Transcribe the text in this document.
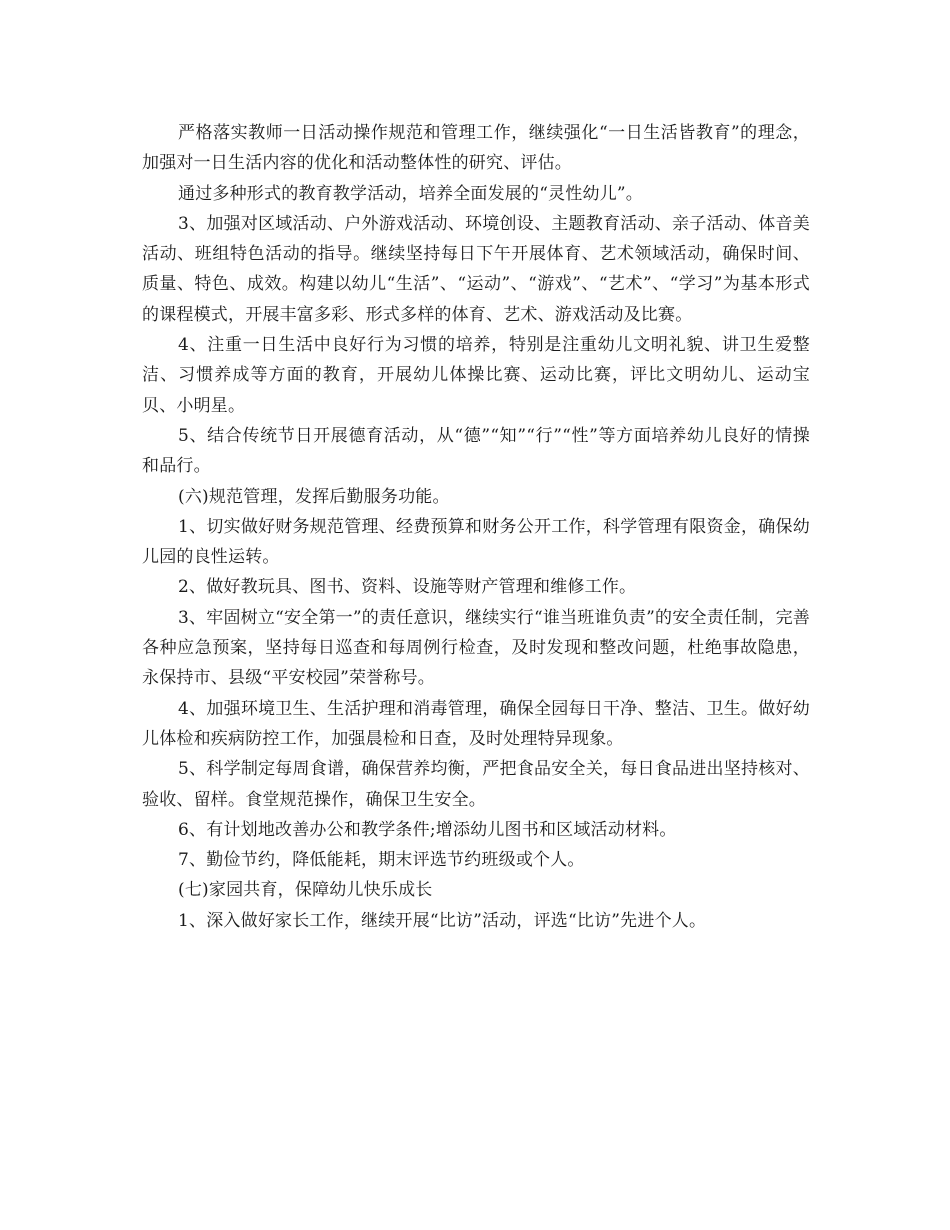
严格落实教师一日活动操作规范和管理工作，继续强化“一日生活皆教育”的理念，加强对一日生活内容的优化和活动整体性的研究、评估。

通过多种形式的教育教学活动，培养全面发展的“灵性幼儿”。

3、加强对区域活动、户外游戏活动、环境创设、主题教育活动、亲子活动、体音美活动、班组特色活动的指导。继续坚持每日下午开展体育、艺术领域活动，确保时间、质量、特色、成效。构建以幼儿“生活”、“运动”、“游戏”、“艺术”、“学习”为基本形式的课程模式，开展丰富多彩、形式多样的体育、艺术、游戏活动及比赛。

4、注重一日生活中良好行为习惯的培养，特别是注重幼儿文明礼貌、讲卫生爱整洁、习惯养成等方面的教育，开展幼儿体操比赛、运动比赛，评比文明幼儿、运动宝贝、小明星。

5、结合传统节日开展德育活动，从“德”“知”“行”“性”等方面培养幼儿良好的情操和品行。

(六)规范管理，发挥后勤服务功能。

1、切实做好财务规范管理、经费预算和财务公开工作，科学管理有限资金，确保幼儿园的良性运转。

2、做好教玩具、图书、资料、设施等财产管理和维修工作。

3、牢固树立“安全第一”的责任意识，继续实行“谁当班谁负责”的安全责任制，完善各种应急预案，坚持每日巡查和每周例行检查，及时发现和整改问题，杜绝事故隐患，永保持市、县级“平安校园”荣誉称号。

4、加强环境卫生、生活护理和消毒管理，确保全园每日干净、整洁、卫生。做好幼儿体检和疾病防控工作，加强晨检和日查，及时处理特异现象。

5、科学制定每周食谱，确保营养均衡，严把食品安全关，每日食品进出坚持核对、验收、留样。食堂规范操作，确保卫生安全。

6、有计划地改善办公和教学条件;增添幼儿图书和区域活动材料。

7、勤俭节约，降低能耗，期末评选节约班级或个人。

(七)家园共育，保障幼儿快乐成长

1、深入做好家长工作，继续开展“比访”活动，评选“比访”先进个人。
